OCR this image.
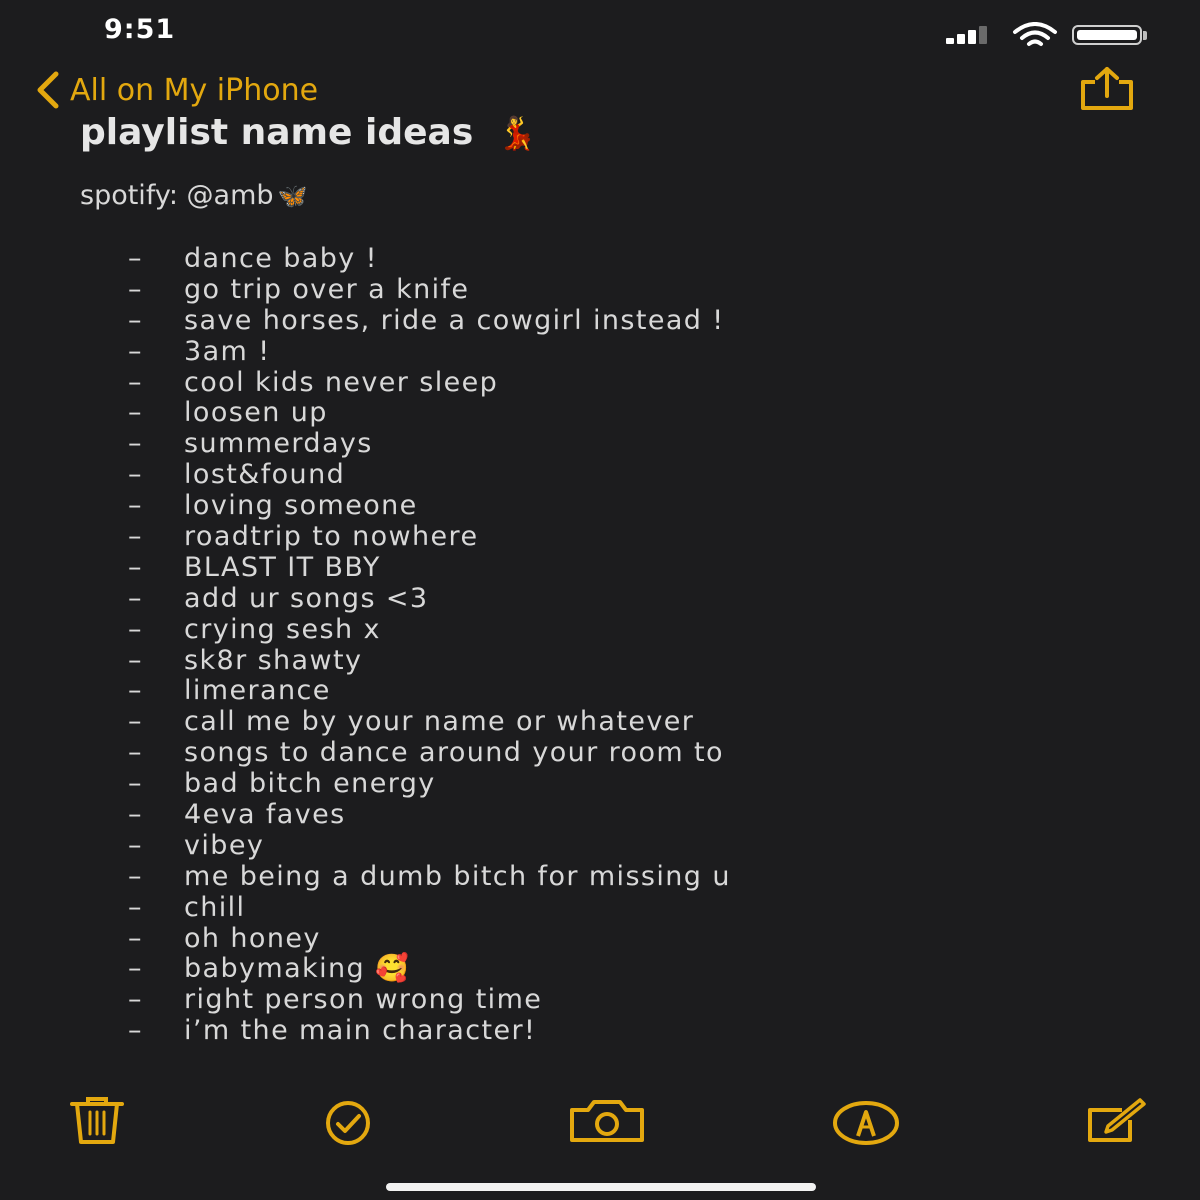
9:51
All on My iPhone
playlist name ideas 💃
spotify: @amb 🦋
–	dance baby !
–	go trip over a knife
–	save horses, ride a cowgirl instead !
–	3am !
–	cool kids never sleep
–	loosen up
–	summerdays
–	lost&found
–	loving someone
–	roadtrip to nowhere
–	BLAST IT BBY
–	add ur songs <3
–	crying sesh x
–	sk8r shawty
–	limerance
–	call me by your name or whatever
–	songs to dance around your room to
–	bad bitch energy
–	4eva faves
–	vibey
–	me being a dumb bitch for missing u
–	chill
–	oh honey
–	babymaking 🥰
–	right person wrong time
–	i’m the main character!
